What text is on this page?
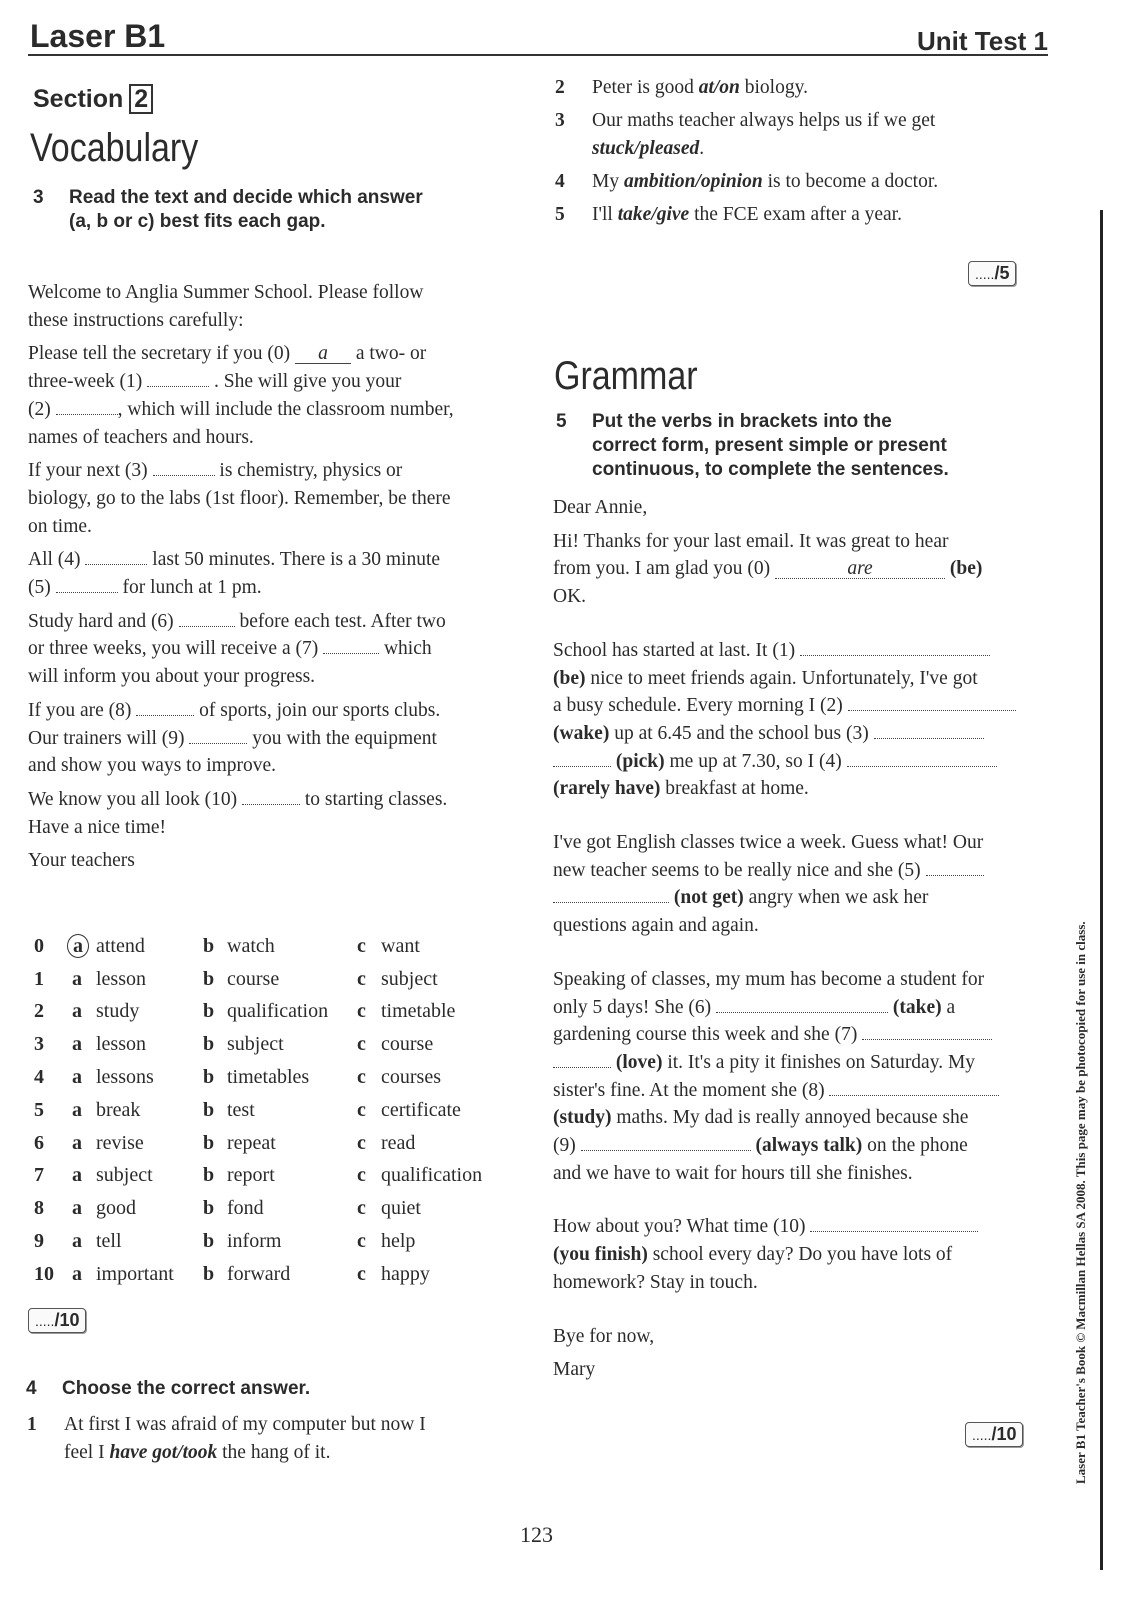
Laser B1	Unit Test 1
Section 2
Vocabulary
3 Read the text and decide which answer
(a, b or c) best fits each gap.

Welcome to Anglia Summer School. Please follow
these instructions carefully:

Please tell the secretary if you (0) a a two- or
three-week (1)	. She will give you your
(2)	, which will include the classroom number,
names of teachers and hours.

If your next (3)	is chemistry, physics or
biology, go to the labs (1st floor). Remember, be there
on time.

All (4)	last 50 minutes. There is a 30 minute
(5)	for lunch at 1 pm.

Study hard and (6)	before each test. After two
or three weeks, you will receive a (7)	which
will inform you about your progress.

If you are (8)	of sports, join our sports clubs.
Our trainers will (9)	you with the equipment
and show you ways to improve.

We know you all look (10)	to starting classes.
Have a nice time!

Your teachers

0	a	attend	b	watch	c	want
1	a	lesson	b	course	c	subject
2	a	study	b	qualification	c	timetable
3	a	lesson	b	subject	c	course
4	a	lessons	b	timetables	c	courses
5	a	break	b	test	c	certificate
6	a	revise	b	repeat	c	read
7	a	subject	b	report	c	qualification
8	a	good	b	fond	c	quiet
9	a	tell	b	inform	c	help
10	a	important	b	forward	c	happy
...../10
4 Choose the correct answer.
1 At first I was afraid of my computer but now I
feel I have got/took the hang of it.
2 Peter is good at/on biology.
3 Our maths teacher always helps us if we get
stuck/pleased.
4 My ambition/opinion is to become a doctor.
5 I'll take/give the FCE exam after a year.
...../5
Grammar
5 Put the verbs in brackets into the
correct form, present simple or present
continuous, to complete the sentences.

Dear Annie,

Hi! Thanks for your last email. It was great to hear
from you. I am glad you (0)	are	(be)
OK.

School has started at last. It (1)
(be) nice to meet friends again. Unfortunately, I've got
a busy schedule. Every morning I (2)
(wake) up at 6.45 and the school bus (3)
(pick) me up at 7.30, so I (4)
(rarely have) breakfast at home.

I've got English classes twice a week. Guess what! Our
new teacher seems to be really nice and she (5)
(not get) angry when we ask her
questions again and again.

Speaking of classes, my mum has become a student for
only 5 days! She (6)	(take) a
gardening course this week and she (7)
(love) it. It's a pity it finishes on Saturday. My
sister's fine. At the moment she (8)
(study) maths. My dad is really annoyed because she
(9)	(always talk) on the phone
and we have to wait for hours till she finishes.

How about you? What time (10)
(you finish) school every day? Do you have lots of
homework? Stay in touch.

Bye for now,

Mary

...../10	Laser B1 Teacher's Book © Macmillan Hellas SA 2008. This page may be photocopied for use in class.
123
